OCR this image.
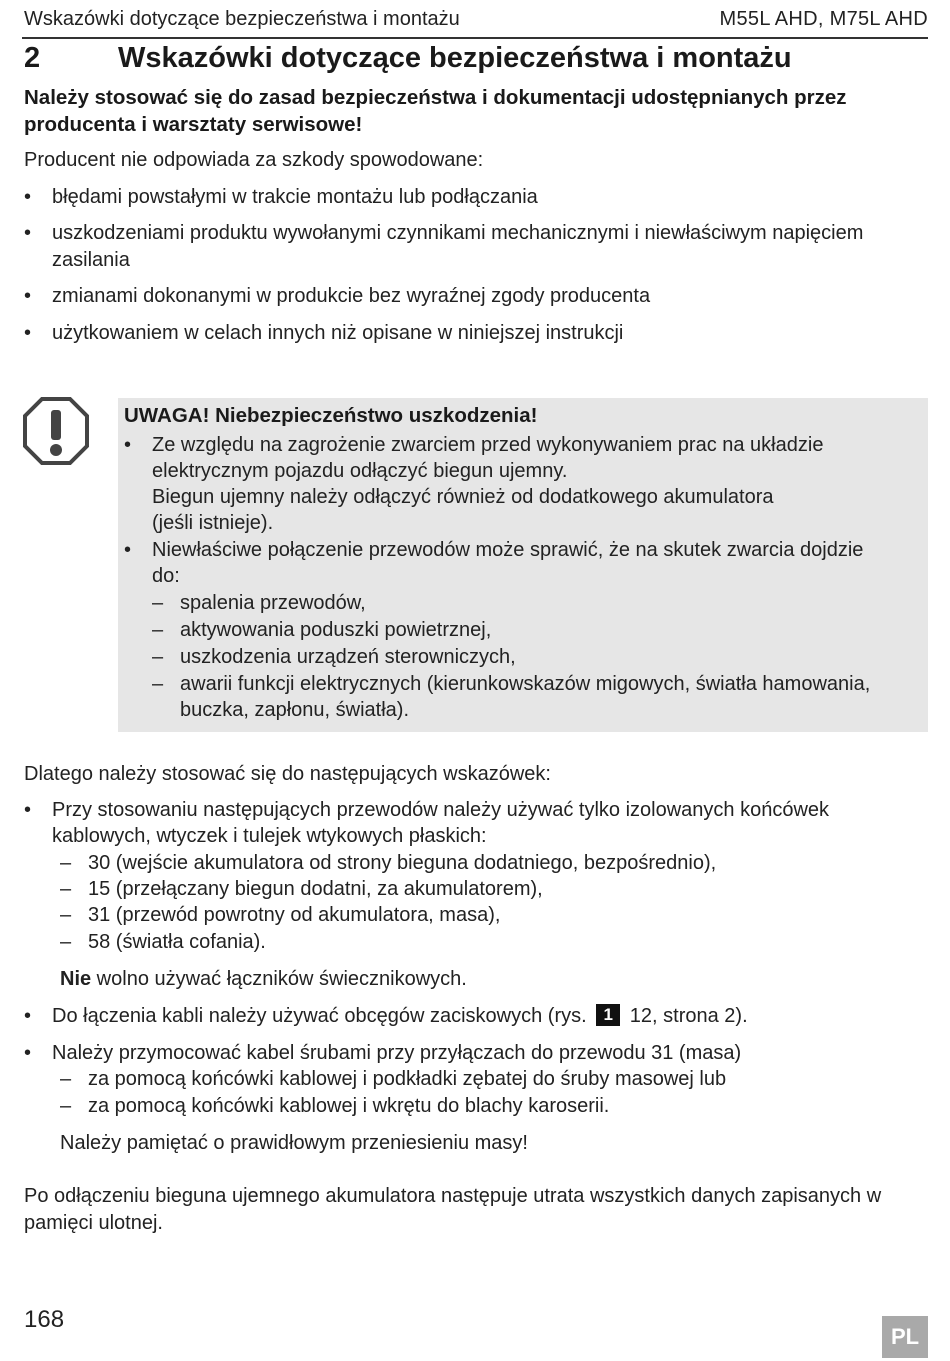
Wskazówki dotyczące bezpieczeństwa i montażu	M55L AHD, M75L AHD
2	Wskazówki dotyczące bezpieczeństwa i montażu
Należy stosować się do zasad bezpieczeństwa i dokumentacji udostępnianych przez producenta i warsztaty serwisowe!
Producent nie odpowiada za szkody spowodowane:
•	błędami powstałymi w trakcie montażu lub podłączania
•	uszkodzeniami produktu wywołanymi czynnikami mechanicznymi i niewłaściwym napięciem zasilania
•	zmianami dokonanymi w produkcie bez wyraźnej zgody producenta
•	użytkowaniem w celach innych niż opisane w niniejszej instrukcji
UWAGA! Niebezpieczeństwo uszkodzenia!
• Ze względu na zagrożenie zwarciem przed wykonywaniem prac na układzie
elektrycznym pojazdu odłączyć biegun ujemny.
Biegun ujemny należy odłączyć również od dodatkowego akumulatora
(jeśli istnieje).
• Niewłaściwe połączenie przewodów może sprawić, że na skutek zwarcia dojdzie
do:
– spalenia przewodów,
– aktywowania poduszki powietrznej,
– uszkodzenia urządzeń sterowniczych,
– awarii funkcji elektrycznych (kierunkowskazów migowych, światła hamowania,
buczka, zapłonu, światła).
Dlatego należy stosować się do następujących wskazówek:
• Przy stosowaniu następujących przewodów należy używać tylko izolowanych końcówek
kablowych, wtyczek i tulejek wtykowych płaskich:
– 30 (wejście akumulatora od strony bieguna dodatniego, bezpośrednio),
– 15 (przełączany biegun dodatni, za akumulatorem),
– 31 (przewód powrotny od akumulatora, masa),
– 58 (światła cofania).
Nie wolno używać łączników świecznikowych.
• Do łączenia kabli należy używać obcęgów zaciskowych (rys. 1 12, strona 2).
• Należy przymocować kabel śrubami przy przyłączach do przewodu 31 (masa)
– za pomocą końcówki kablowej i podkładki zębatej do śruby masowej lub
– za pomocą końcówki kablowej i wkrętu do blachy karoserii.
Należy pamiętać o prawidłowym przeniesieniu masy!
Po odłączeniu bieguna ujemnego akumulatora następuje utrata wszystkich danych zapisanych w pamięci ulotnej.
168
PL
